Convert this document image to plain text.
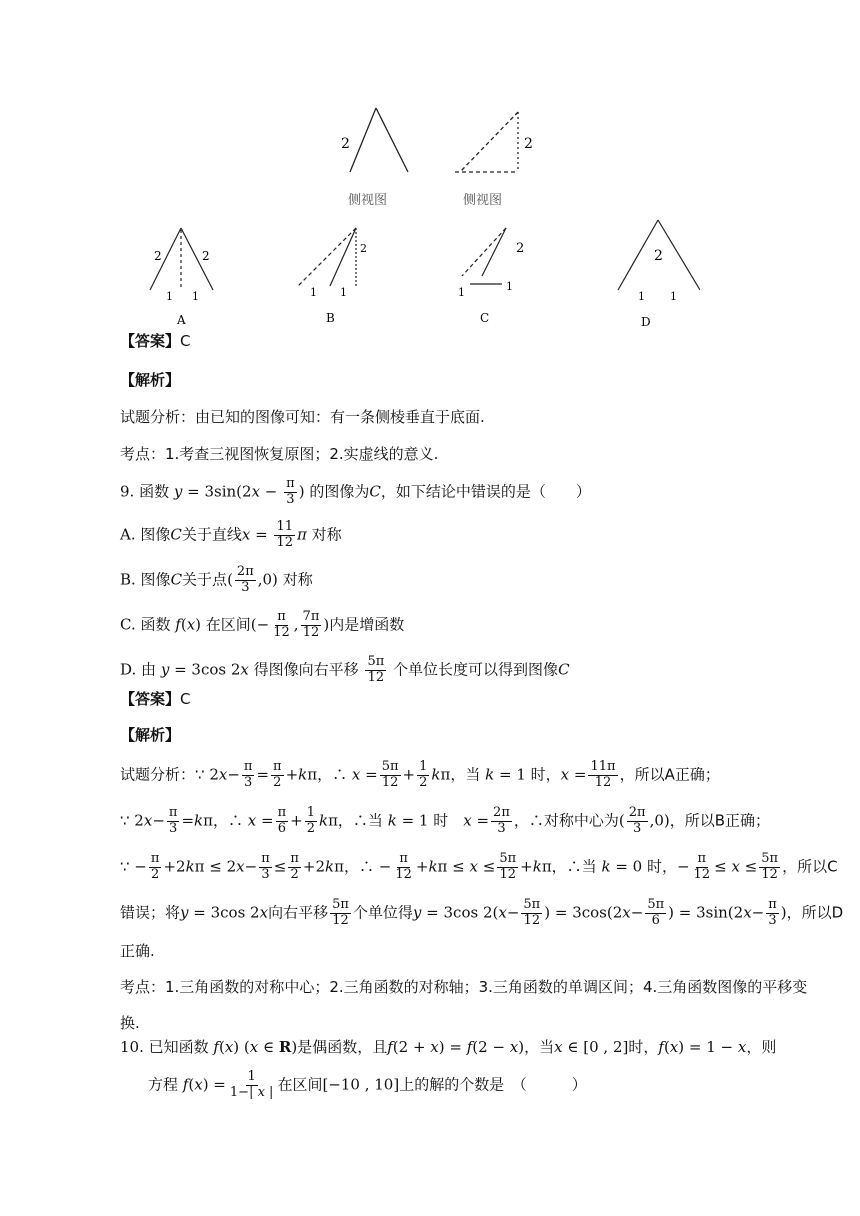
2
侧视图
2
侧视图
2	2
1 1
A
2
1 1
B
2
1	1
C
2
1 1
D
【答案】C
【解析】
试题分析：由已知的图像可知：有一条侧棱垂直于底面.
考点：1.考查三视图恢复原图；2.实虚线的意义.
9. 函数 $y = 3\sin(2x - \frac{\pi}{3}$ ) 的图像为C，如下结论中错误的是（　　）
A. 图像C关于直线$x = \frac{11}{12}$ π 对称
B. 图像C关于点( $\frac{2\pi}{3} ,0$) 对称
C. 函数 f(x) 在区间(− $\frac{\pi}{12}$ , $\frac{7\pi}{12}$ )内是增函数
D. 由 y = 3cos 2x 得图像向右平移 $\frac{5\pi}{12}$ 个单位长度可以得到图像C
【答案】C
【解析】
试题分析：∵ $2x- \frac{\pi}{3} = \frac{\pi}{2} +k\pi$，∴ $x = \frac{5\pi}{12} + \frac{1}{2}$ kπ，当 k = 1 时，$x = \frac{11\pi}{12}$ ，所以A正确；
∵ $2x- \frac{\pi}{3} =k\pi$，∴ $x = \frac{\pi}{6} + \frac{1}{2}$ kπ，∴当 k = 1 时　$x = \frac{2\pi}{3}$ ，∴对称中心为( $\frac{2\pi}{3} ,0$)，所以B正确；
∵ − $\frac{\pi}{2} +2k\pi \le 2x- \frac{\pi}{3} \le \frac{\pi}{2} +2k\pi$，∴ − $\frac{\pi}{12} +k\pi \le x \le \frac{5\pi}{12} +k\pi$，∴当 k = 0 时，− $\frac{\pi}{12} \le x \le \frac{5\pi}{12}$ ，所以C
错误；将y = 3cos 2x向右平移 $\frac{5\pi}{12}$ 个单位得y = 3cos $2(x- \frac{5\pi}{12}$ ) = $3\cos(2x- \frac{5\pi}{6}$ ) = $3\sin(2x- \frac{\pi}{3}$ )，所以D
正确.
考点：1.三角函数的对称中心；2.三角函数的对称轴；3.三角函数的单调区间；4.三角函数图像的平移变
换.
10. 已知函数 f(x) (x ∈ R)是偶函数，且f(2 + x) = f(2 − x)，当x ∈ [0 , 2]时，f(x) = 1 − x，则
方程 $f(x) = \frac{1}{1-| x |}$ 在区间[−10 , 10]上的解的个数是　（　　　）
